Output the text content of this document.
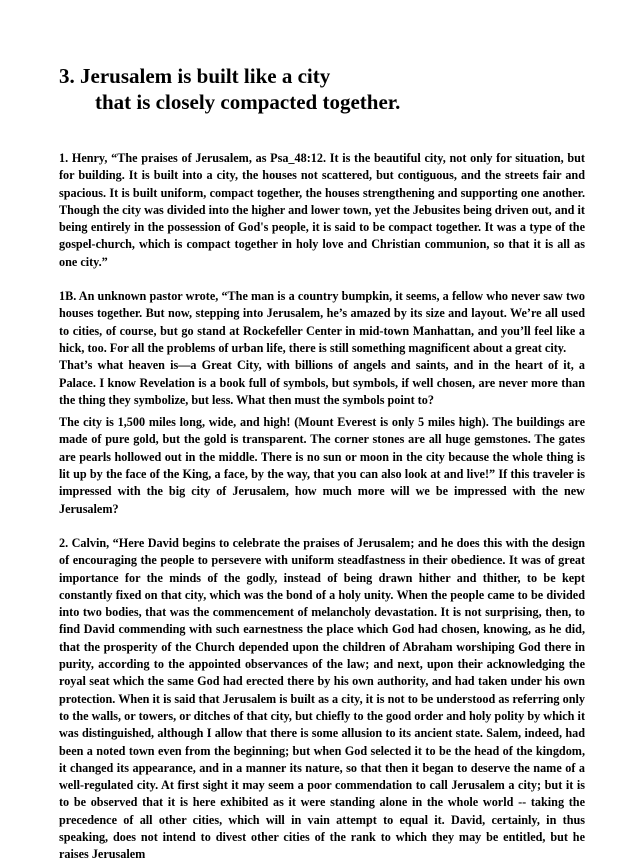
3. Jerusalem is built like a city
that is closely compacted together.

1. Henry, “The praises of Jerusalem, as Psa_48:12. It is the beautiful city, not only for situation, but for building. It is built into a city, the houses not scattered, but contiguous, and the streets fair and spacious. It is built uniform, compact together, the houses strengthening and supporting one another. Though the city was divided into the higher and lower town, yet the Jebusites being driven out, and it being entirely in the possession of God's people, it is said to be compact together. It was a type of the gospel-church, which is compact together in holy love and Christian communion, so that it is all as one city.”

1B. An unknown pastor wrote, “The man is a country bumpkin, it seems, a fellow who never saw two houses together. But now, stepping into Jerusalem, he’s amazed by its size and layout. We’re all used to cities, of course, but go stand at Rockefeller Center in mid-town Manhattan, and you’ll feel like a hick, too. For all the problems of urban life, there is still something magnificent about a great city.

That’s what heaven is—a Great City, with billions of angels and saints, and in the heart of it, a Palace. I know Revelation is a book full of symbols, but symbols, if well chosen, are never more than the thing they symbolize, but less. What then must the symbols point to?

The city is 1,500 miles long, wide, and high! (Mount Everest is only 5 miles high). The buildings are made of pure gold, but the gold is transparent. The corner stones are all huge gemstones. The gates are pearls hollowed out in the middle. There is no sun or moon in the city because the whole thing is lit up by the face of the King, a face, by the way, that you can also look at and live!” If this traveler is impressed with the big city of Jerusalem, how much more will we be impressed with the new Jerusalem?

2. Calvin, “Here David begins to celebrate the praises of Jerusalem; and he does this with the design of encouraging the people to persevere with uniform steadfastness in their obedience. It was of great importance for the minds of the godly, instead of being drawn hither and thither, to be kept constantly fixed on that city, which was the bond of a holy unity. When the people came to be divided into two bodies, that was the commencement of melancholy devastation. It is not surprising, then, to find David commending with such earnestness the place which God had chosen, knowing, as he did, that the prosperity of the Church depended upon the children of Abraham worshiping God there in purity, according to the appointed observances of the law; and next, upon their acknowledging the royal seat which the same God had erected there by his own authority, and had taken under his own protection. When it is said that Jerusalem is built as a city, it is not to be understood as referring only to the walls, or towers, or ditches of that city, but chiefly to the good order and holy polity by which it was distinguished, although I allow that there is some allusion to its ancient state. Salem, indeed, had been a noted town even from the beginning; but when God selected it to be the head of the kingdom, it changed its appearance, and in a manner its nature, so that then it began to deserve the name of a well-regulated city. At first sight it may seem a poor commendation to call Jerusalem a city; but it is to be observed that it is here exhibited as it were standing alone in the whole world -- taking the precedence of all other cities, which will in vain attempt to equal it. David, certainly, in thus speaking, does not intend to divest other cities of the rank to which they may be entitled, but he raises Jerusalem
